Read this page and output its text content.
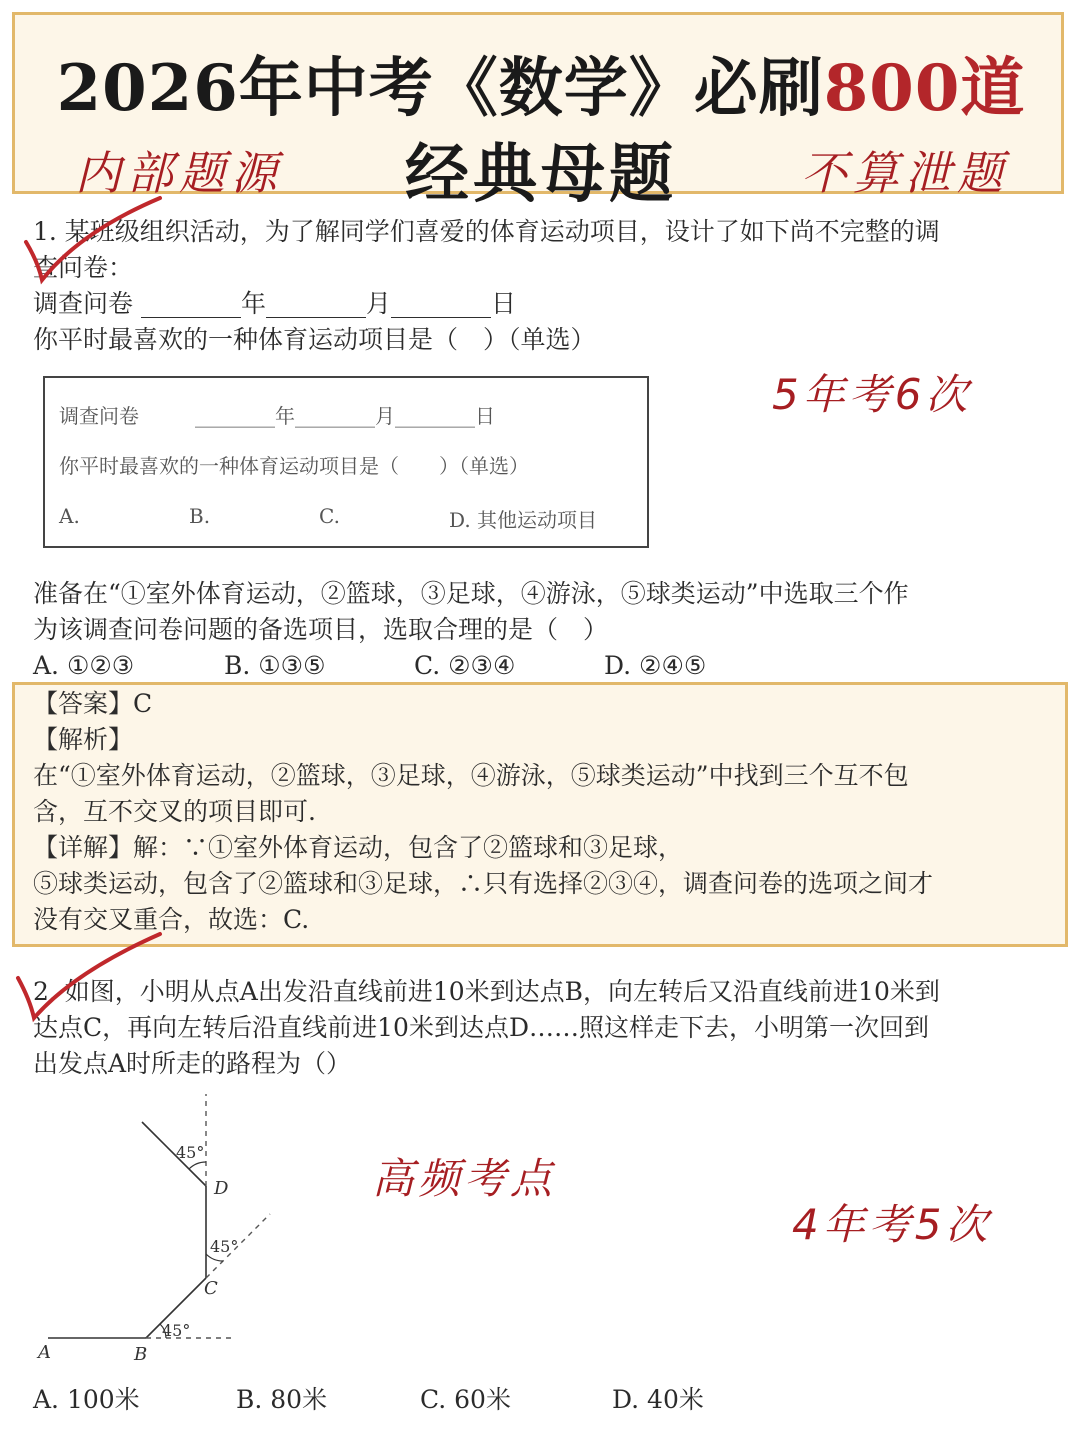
2026年中考《数学》必刷800道
经典母题
内部题源	不算泄题
1. 某班级组织活动，为了解同学们喜爱的体育运动项目，设计了如下尚不完整的调
查问卷：
调查问卷 ________年________月________日
你平时最喜欢的一种体育运动项目是（　）（单选）
调查问卷	________年________月________日
你平时最喜欢的一种体育运动项目是（　　）（单选）
A.	B.	C.	D. 其他运动项目
5年考6次
准备在“①室外体育运动，②篮球，③足球，④游泳，⑤球类运动”中选取三个作
为该调查问卷问题的备选项目，选取合理的是（　）
A. ①②③	B. ①③⑤	C. ②③④	D. ②④⑤
【答案】C
【解析】
在“①室外体育运动，②篮球，③足球，④游泳，⑤球类运动”中找到三个互不包
含，互不交叉的项目即可.
【详解】解：∵①室外体育运动，包含了②篮球和③足球，
⑤球类运动，包含了②篮球和③足球，∴只有选择②③④，调查问卷的选项之间才
没有交叉重合，故选：C.
2. 如图，小明从点A出发沿直线前进10米到达点B，向左转后又沿直线前进10米到
达点C，再向左转后沿直线前进10米到达点D……照这样走下去，小明第一次回到
出发点A时所走的路程为（）
A	B
C
D
45°
45°
45°
高频考点
4年考5次
A. 100米	B. 80米	C. 60米	D. 40米
